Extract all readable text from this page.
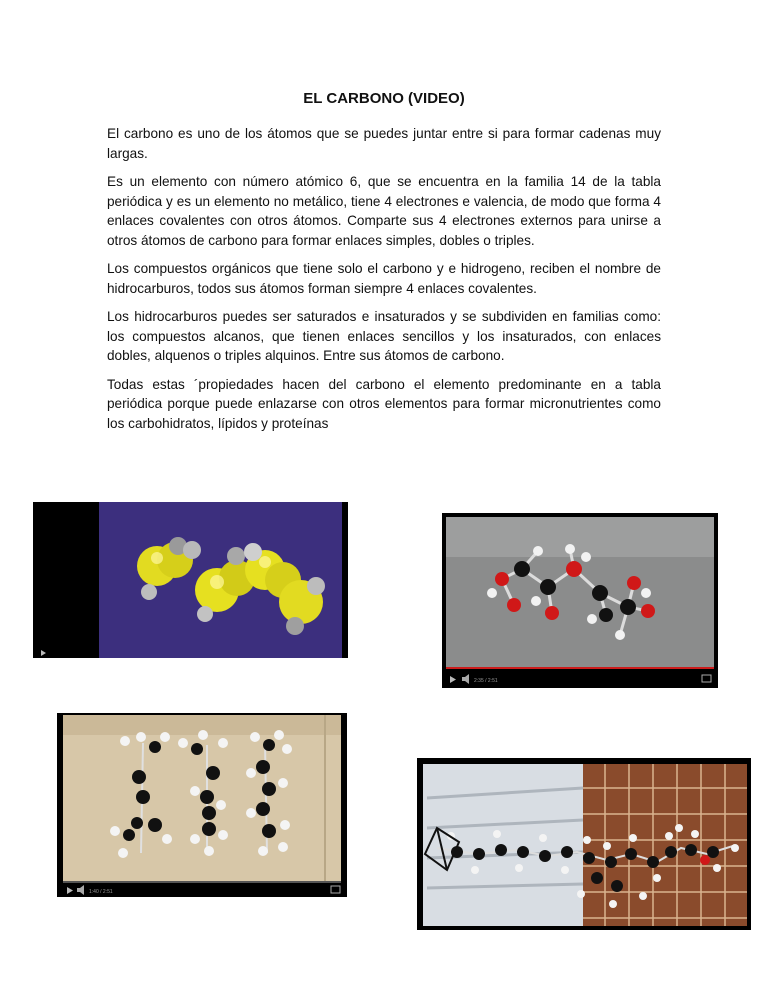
EL CARBONO (VIDEO)

El carbono es uno de los átomos que se puedes juntar entre si para formar cadenas muy largas.

Es un elemento con número atómico 6, que se encuentra en la familia 14 de la tabla periódica y es un elemento no metálico, tiene 4 electrones e valencia, de modo que forma 4 enlaces covalentes con otros átomos. Comparte sus 4 electrones externos para unirse a otros átomos de carbono para formar enlaces simples, dobles o triples.

Los compuestos orgánicos que tiene solo el carbono y e hidrogeno, reciben el nombre de hidrocarburos, todos sus átomos forman siempre 4 enlaces covalentes.

Los hidrocarburos puedes ser saturados e insaturados y se subdividen en familias como: los compuestos alcanos, que tienen enlaces sencillos y los insaturados, con enlaces dobles, alquenos o triples alquinos. Entre sus átomos de carbono.

Todas estas ´propiedades hacen del carbono el elemento predominante en a tabla periódica porque puede enlazarse con otros elementos para formar micronutrientes como los carbohidratos, lípidos y proteínas

2:35 / 2:51
1:40 / 2:51
